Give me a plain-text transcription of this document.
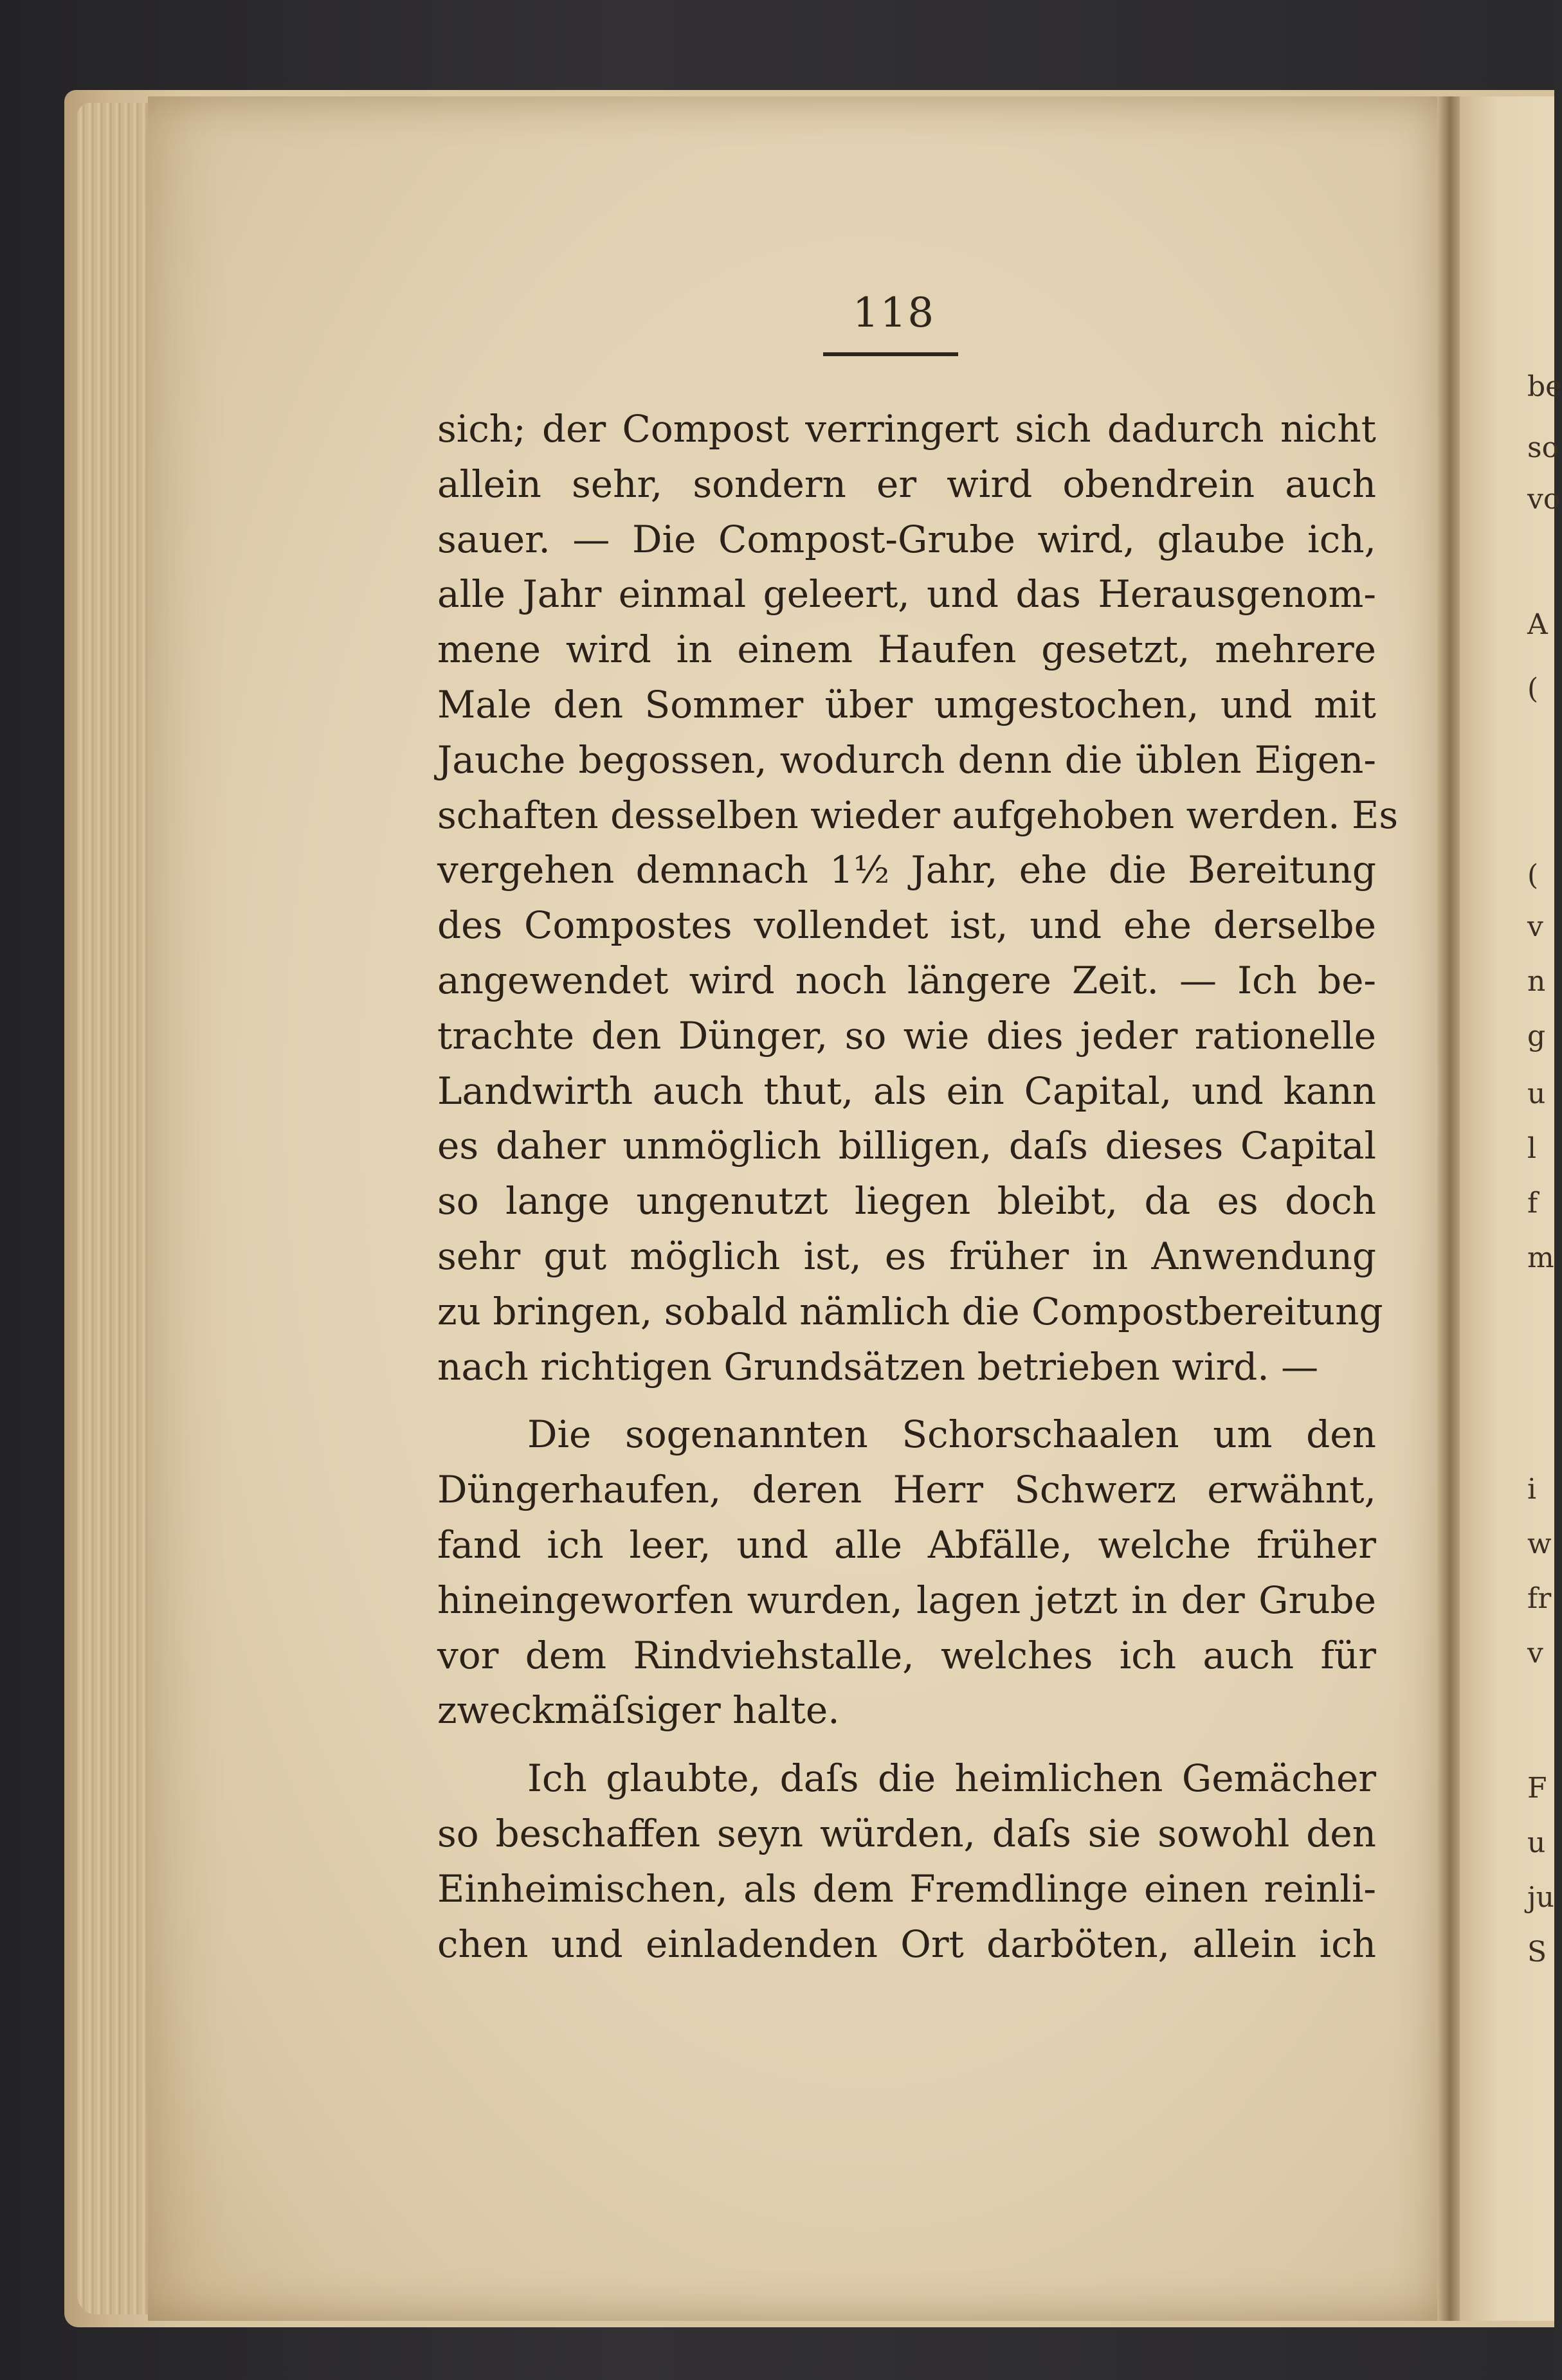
be
so
vo
A
(
(
v
n
g
u
l
f
m
i
w
fr
v
F
u
ju
S
118
sich; der Compost verringert sich dadurch nicht
allein sehr, sondern er wird obendrein auch
sauer. — Die Compost-Grube wird, glaube ich,
alle Jahr einmal geleert, und das Herausgenom-
mene wird in einem Haufen gesetzt, mehrere
Male den Sommer über umgestochen, und mit
Jauche begossen, wodurch denn die üblen Eigen-
schaften desselben wieder aufgehoben werden. Es
vergehen demnach 1½ Jahr, ehe die Bereitung
des Compostes vollendet ist, und ehe derselbe
angewendet wird noch längere Zeit. — Ich be-
trachte den Dünger, so wie dies jeder rationelle
Landwirth auch thut, als ein Capital, und kann
es daher unmöglich billigen, daſs dieses Capital
so lange ungenutzt liegen bleibt, da es doch
sehr gut möglich ist, es früher in Anwendung
zu bringen, sobald nämlich die Compostbereitung
nach richtigen Grundsätzen betrieben wird. —
Die sogenannten Schorschaalen um den
Düngerhaufen, deren Herr Schwerz erwähnt,
fand ich leer, und alle Abfälle, welche früher
hineingeworfen wurden, lagen jetzt in der Grube
vor dem Rindviehstalle, welches ich auch für
zweckmäſsiger halte.
Ich glaubte, daſs die heimlichen Gemächer
so beschaffen seyn würden, daſs sie sowohl den
Einheimischen, als dem Fremdlinge einen reinli-
chen und einladenden Ort darböten, allein ich
